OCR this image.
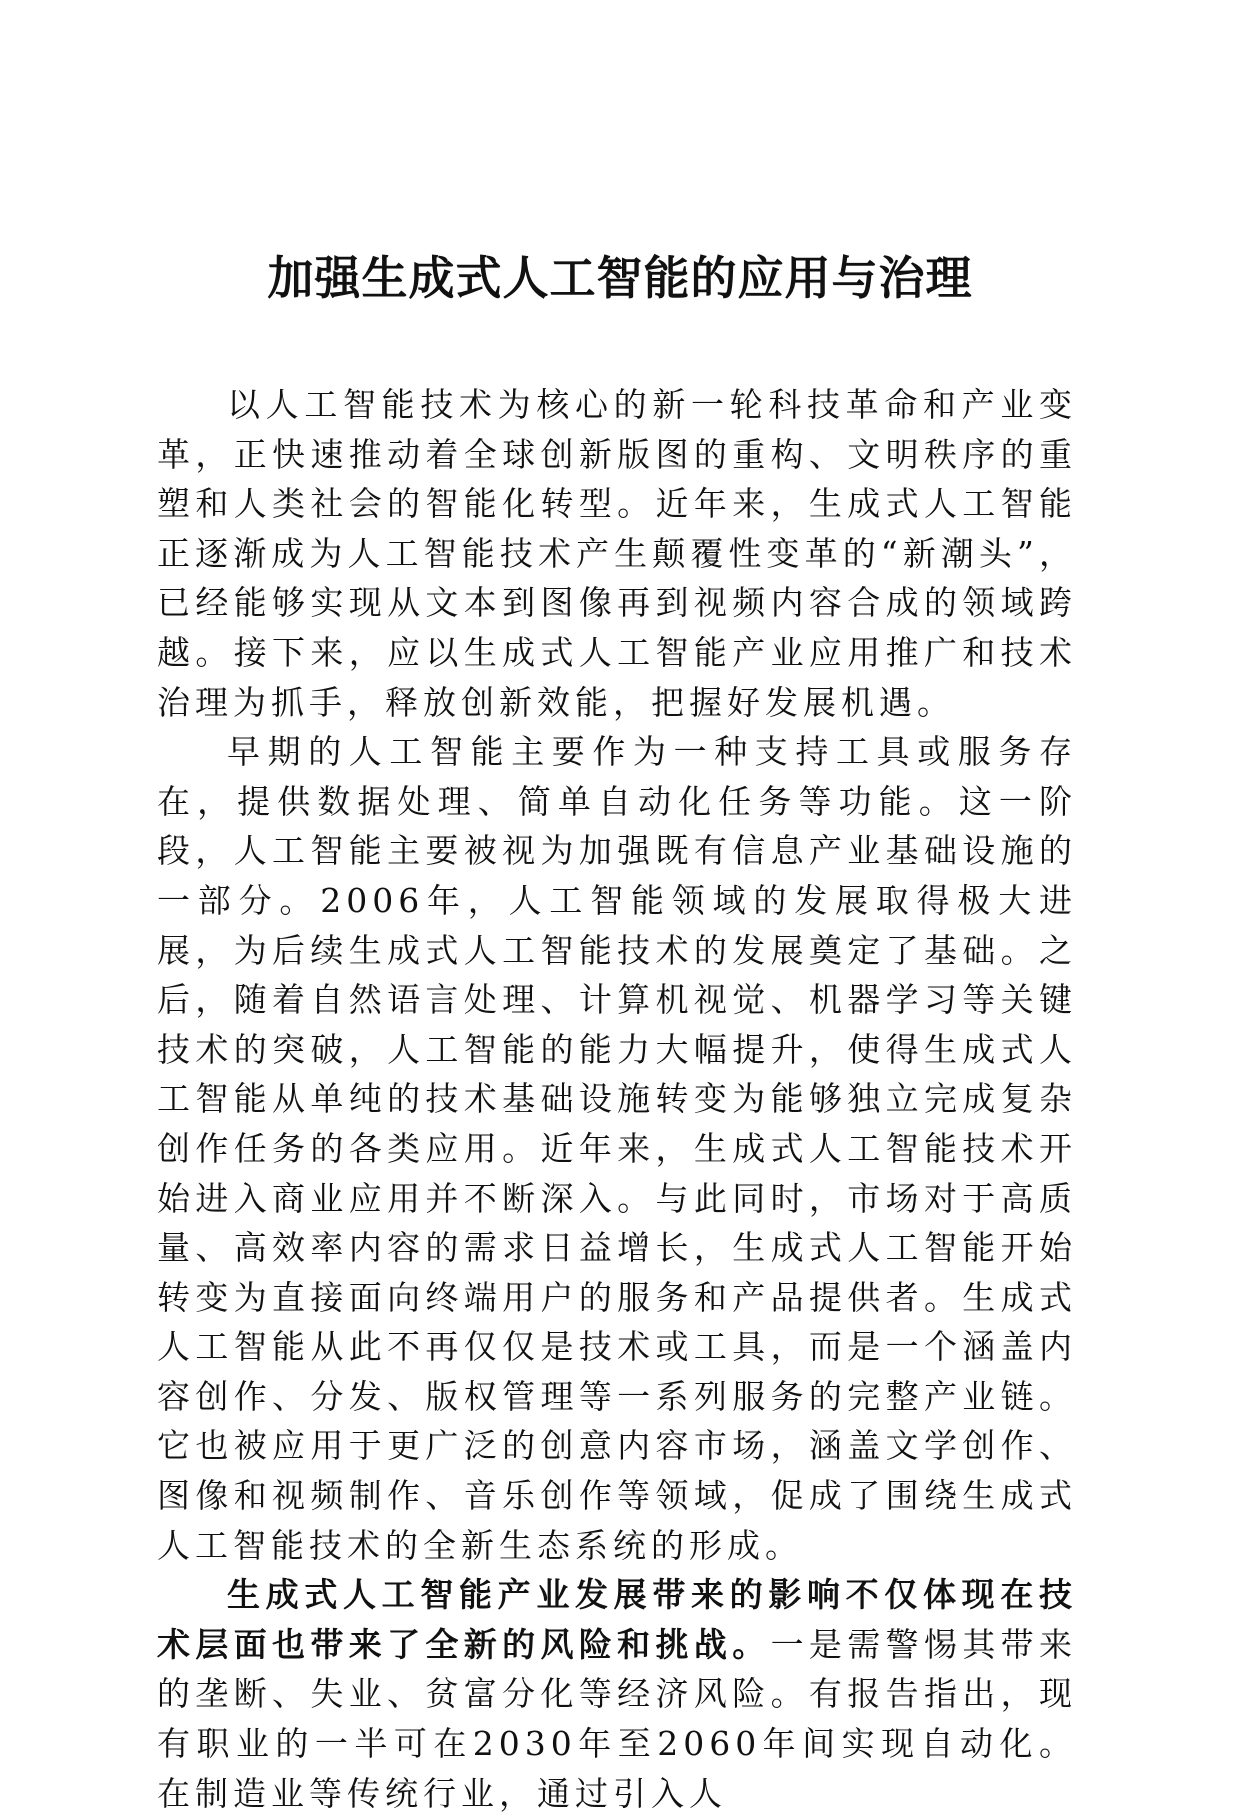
加强生成式人工智能的应用与治理

以人工智能技术为核心的新一轮科技革命和产业变革，正快速推动着全球创新版图的重构、文明秩序的重塑和人类社会的智能化转型。近年来，生成式人工智能正逐渐成为人工智能技术产生颠覆性变革的“新潮头”，已经能够实现从文本到图像再到视频内容合成的领域跨越。接下来，应以生成式人工智能产业应用推广和技术治理为抓手，释放创新效能，把握好发展机遇。

早期的人工智能主要作为一种支持工具或服务存在，提供数据处理、简单自动化任务等功能。这一阶段，人工智能主要被视为加强既有信息产业基础设施的一部分。2006年，人工智能领域的发展取得极大进展，为后续生成式人工智能技术的发展奠定了基础。之后，随着自然语言处理、计算机视觉、机器学习等关键技术的突破，人工智能的能力大幅提升，使得生成式人工智能从单纯的技术基础设施转变为能够独立完成复杂创作任务的各类应用。近年来，生成式人工智能技术开始进入商业应用并不断深入。与此同时，市场对于高质量、高效率内容的需求日益增长，生成式人工智能开始转变为直接面向终端用户的服务和产品提供者。生成式人工智能从此不再仅仅是技术或工具，而是一个涵盖内容创作、分发、版权管理等一系列服务的完整产业链。它也被应用于更广泛的创意内容市场，涵盖文学创作、图像和视频制作、音乐创作等领域，促成了围绕生成式人工智能技术的全新生态系统的形成。

生成式人工智能产业发展带来的影响不仅体现在技术层面也带来了全新的风险和挑战。一是需警惕其带来的垄断、失业、贫富分化等经济风险。有报告指出，现有职业的一半可在2030年至2060年间实现自动化。在制造业等传统行业，通过引入人
